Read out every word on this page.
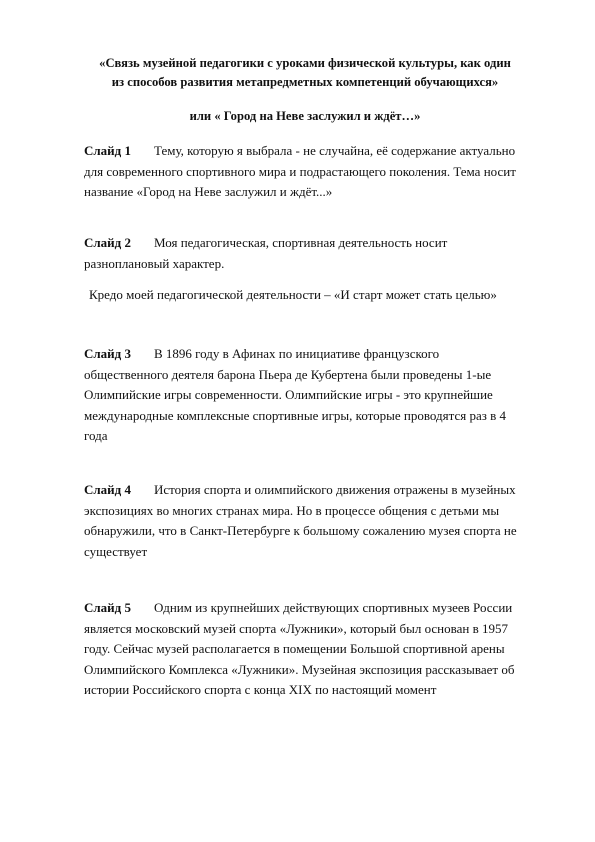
«Связь музейной педагогики с уроками физической культуры, как один
из способов развития метапредметных компетенций обучающихся»
или « Город на Неве заслужил и ждёт…»
Слайд 1 Тему, которую я выбрала - не случайна, её содержание актуально
для современного спортивного мира и подрастающего поколения. Тема носит
название «Город на Неве заслужил и ждёт...»
Слайд 2 Моя педагогическая, спортивная деятельность носит
разноплановый характер.
Кредо моей педагогической деятельности – «И старт может стать целью»
Слайд 3 В 1896 году в Афинах по инициативе французского
общественного деятеля барона Пьера де Кубертена были проведены 1-ые
Олимпийские игры современности. Олимпийские игры - это крупнейшие
международные комплексные спортивные игры, которые проводятся раз в 4
года
Слайд 4 История спорта и олимпийского движения отражены в музейных
экспозициях во многих странах мира. Но в процессе общения с детьми мы
обнаружили, что в Санкт-Петербурге к большому сожалению музея спорта не
существует
Слайд 5 Одним из крупнейших действующих спортивных музеев России
является московский музей спорта «Лужники», который был основан в 1957
году. Сейчас музей располагается в помещении Большой спортивной арены
Олимпийского Комплекса «Лужники». Музейная экспозиция рассказывает об
истории Российского спорта с конца XIX по настоящий момент
